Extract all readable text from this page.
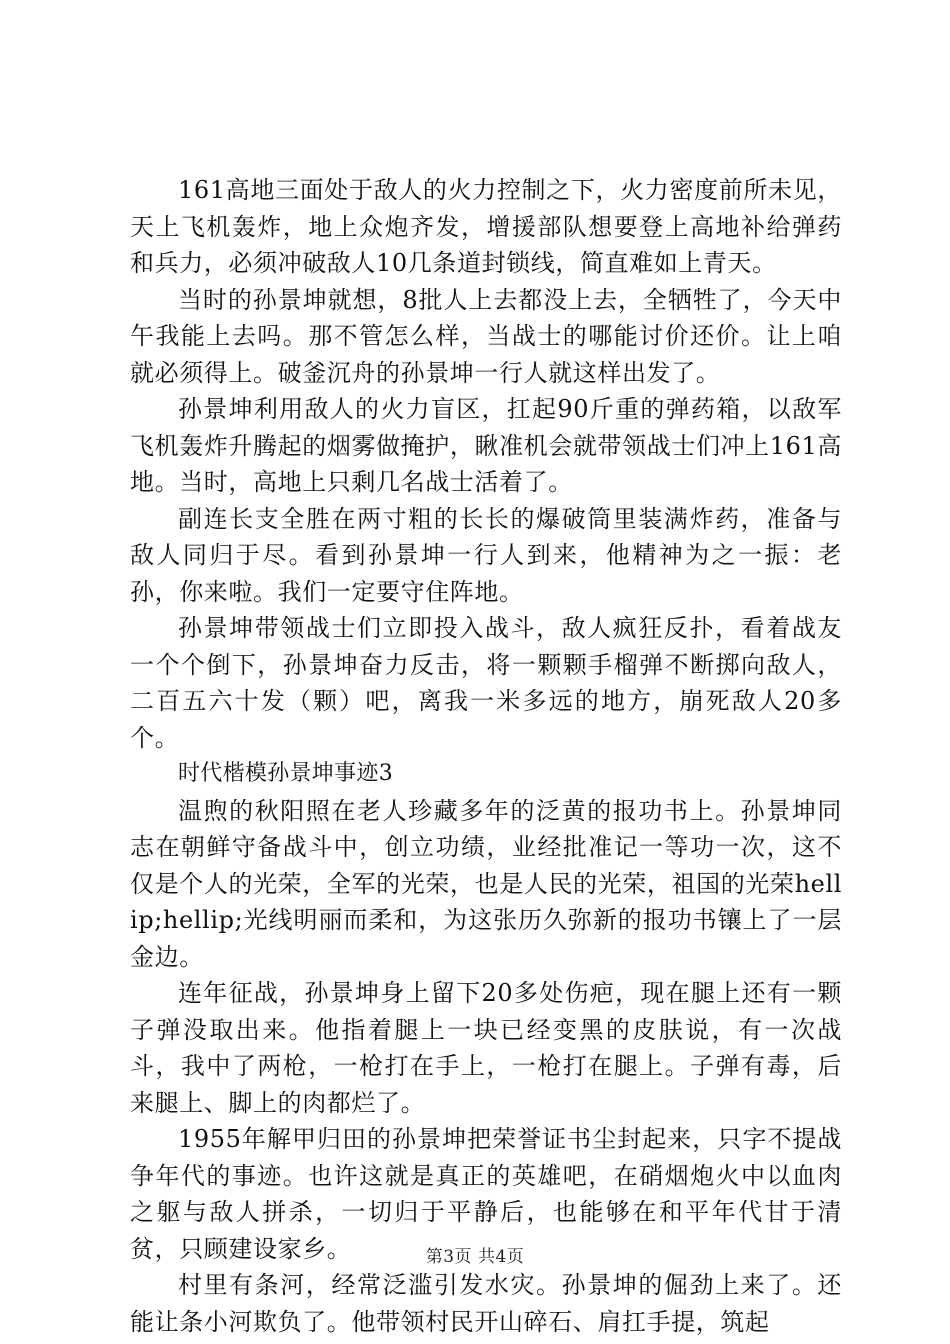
161高地三面处于敌人的火力控制之下，火力密度前所未见，天上飞机轰炸，地上众炮齐发，增援部队想要登上高地补给弹药和兵力，必须冲破敌人10几条道封锁线，简直难如上青天。

当时的孙景坤就想，8批人上去都没上去，全牺牲了，今天中午我能上去吗。那不管怎么样，当战士的哪能讨价还价。让上咱就必须得上。破釜沉舟的孙景坤一行人就这样出发了。

孙景坤利用敌人的火力盲区，扛起90斤重的弹药箱，以敌军飞机轰炸升腾起的烟雾做掩护，瞅准机会就带领战士们冲上161高地。当时，高地上只剩几名战士活着了。

副连长支全胜在两寸粗的长长的爆破筒里装满炸药，准备与敌人同归于尽。看到孙景坤一行人到来，他精神为之一振：老孙，你来啦。我们一定要守住阵地。

孙景坤带领战士们立即投入战斗，敌人疯狂反扑，看着战友一个个倒下，孙景坤奋力反击，将一颗颗手榴弹不断掷向敌人，二百五六十发（颗）吧，离我一米多远的地方，崩死敌人20多个。

时代楷模孙景坤事迹3

温煦的秋阳照在老人珍藏多年的泛黄的报功书上。孙景坤同志在朝鲜守备战斗中，创立功绩，业经批准记一等功一次，这不仅是个人的光荣，全军的光荣，也是人民的光荣，祖国的光荣hellip;hellip;光线明丽而柔和，为这张历久弥新的报功书镶上了一层金边。

连年征战，孙景坤身上留下20多处伤疤，现在腿上还有一颗子弹没取出来。他指着腿上一块已经变黑的皮肤说，有一次战斗，我中了两枪，一枪打在手上，一枪打在腿上。子弹有毒，后来腿上、脚上的肉都烂了。

1955年解甲归田的孙景坤把荣誉证书尘封起来，只字不提战争年代的事迹。也许这就是真正的英雄吧，在硝烟炮火中以血肉之躯与敌人拼杀，一切归于平静后，也能够在和平年代甘于清贫，只顾建设家乡。

村里有条河，经常泛滥引发水灾。孙景坤的倔劲上来了。还能让条小河欺负了。他带领村民开山碎石、肩扛手提，筑起

第3页 共4页
